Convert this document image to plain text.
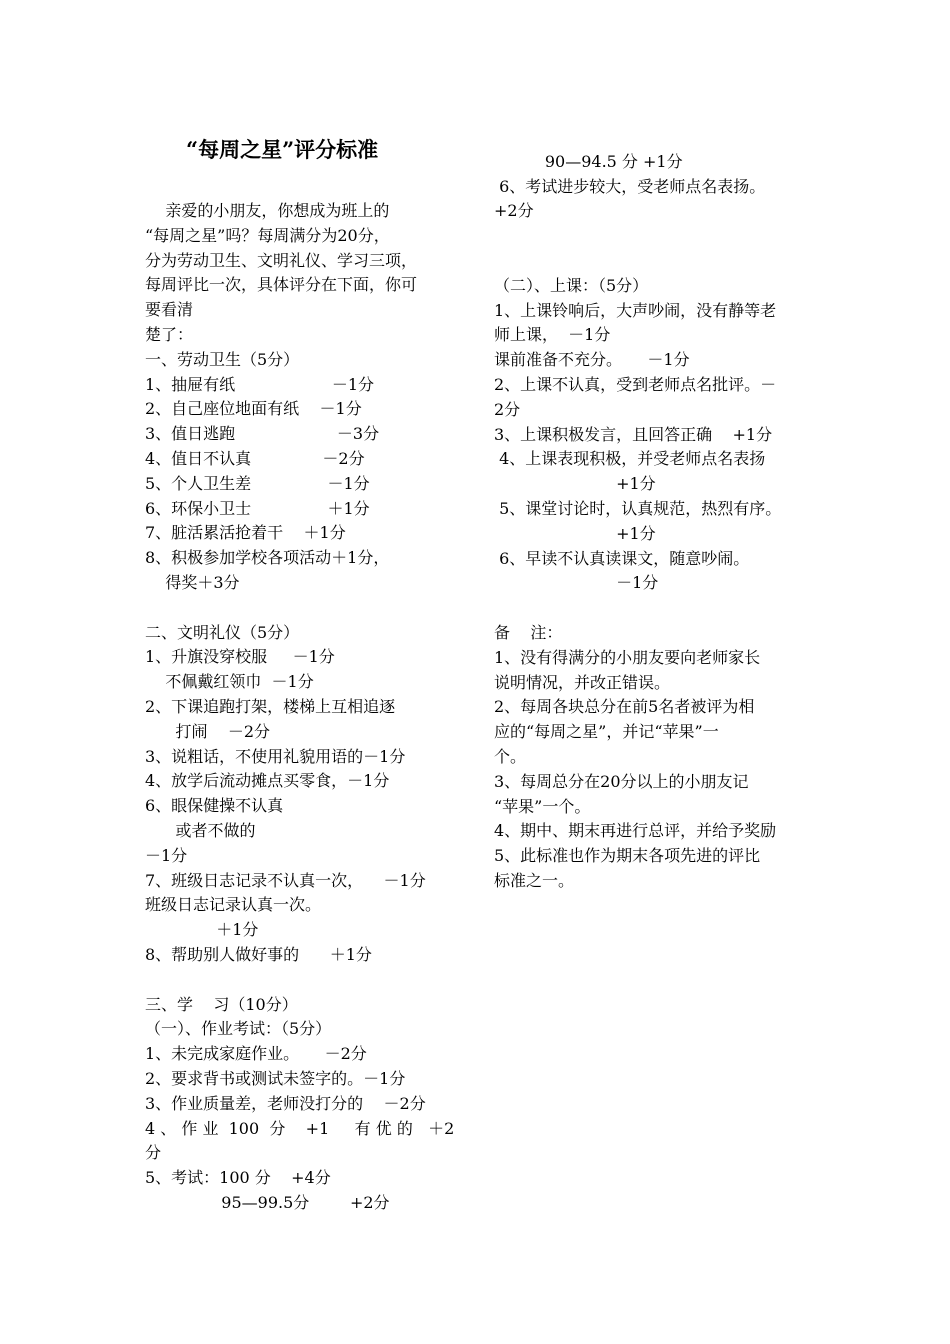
“每周之星”评分标准
亲爱的小朋友，你想成为班上的
“每周之星”吗？每周满分为20分，
分为劳动卫生、文明礼仪、学习三项，
每周评比一次，具体评分在下面，你可
要看清
楚了：
一、劳动卫生（5分）
1、抽屉有纸                   －1分
2、自己座位地面有纸    －1分
3、值日逃跑                    －3分
4、值日不认真              －2分
5、个人卫生差               －1分
6、环保小卫士               ＋1分
7、脏活累活抢着干    ＋1分
8、积极参加学校各项活动＋1分，
得奖＋3分
二、文明礼仪（5分）
1、升旗没穿校服     －1分
不佩戴红领巾  －1分
2、下课追跑打架，楼梯上互相追逐
打闹    －2分
3、说粗话，不使用礼貌用语的－1分
4、放学后流动摊点买零食，－1分
6、眼保健操不认真
或者不做的
－1分
7、班级日志记录不认真一次，    －1分
班级日志记录认真一次。
＋1分
8、帮助别人做好事的      ＋1分
三、学    习（10分）
（一）、作业考试：（5分）
1、未完成家庭作业。     －2分
2、要求背书或测试未签字的。－1分
3、作业质量差，老师没打分的    －2分
4 、 作 业  100  分    +1     有 优 的   ＋2
分
5、考试：100 分    +4分
95—99.5分        +2分
90—94.5 分 +1分
6、考试进步较大，受老师点名表扬。
+2分
（二）、上课：（5分）
1、上课铃响后，大声吵闹，没有静等老
师上课，  －1分
课前准备不充分。     －1分
2、上课不认真，受到老师点名批评。－
2分
3、上课积极发言，且回答正确    +1分
4、上课表现积极，并受老师点名表扬
+1分
5、课堂讨论时，认真规范，热烈有序。
+1分
6、早读不认真读课文，随意吵闹。
－1分
备    注：
1、没有得满分的小朋友要向老师家长
说明情况，并改正错误。
2、每周各块总分在前5名者被评为相
应的“每周之星”，并记“苹果”一
个。
3、每周总分在20分以上的小朋友记
“苹果”一个。
4、期中、期末再进行总评，并给予奖励
5、此标准也作为期末各项先进的评比
标准之一。
